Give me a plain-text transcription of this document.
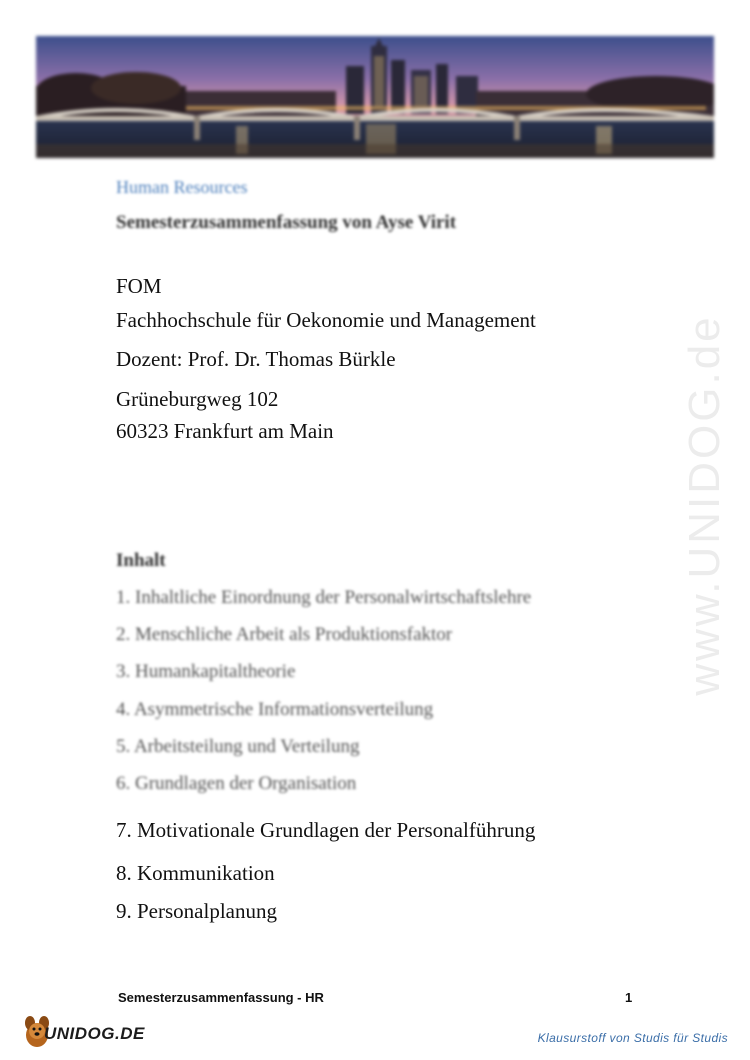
Human Resources
Semesterzusammenfassung von Ayse Virit
FOM
Fachhochschule für Oekonomie und Management
Dozent: Prof. Dr. Thomas Bürkle
Grüneburgweg 102
60323 Frankfurt am Main	www.UNIDOG.de
Inhalt
1. Inhaltliche Einordnung der Personalwirtschaftslehre
2. Menschliche Arbeit als Produktionsfaktor
3. Humankapitaltheorie
4. Asymmetrische Informationsverteilung
5. Arbeitsteilung und Verteilung
6. Grundlagen der Organisation
7. Motivationale Grundlagen der Personalführung
8. Kommunikation
9. Personalplanung
Semesterzusammenfassung - HR	1
UNIDOG.DE	Klausurstoff von Studis für Studis
